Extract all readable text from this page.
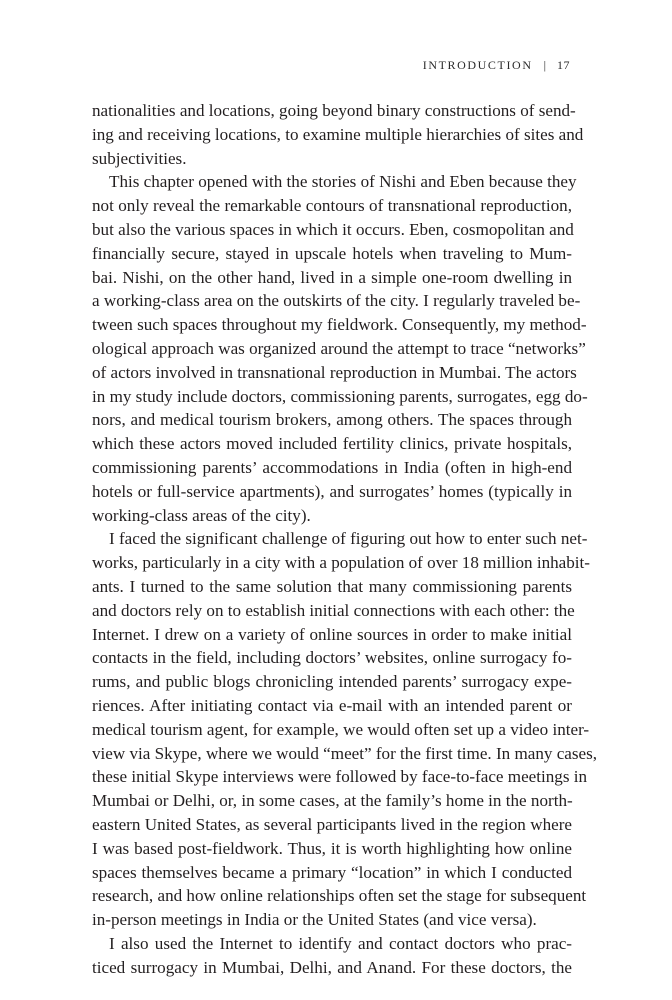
INTRODUCTION | 17
nationalities and locations, going beyond binary constructions of send-
ing and receiving locations, to examine multiple hierarchies of sites and
subjectivities.
This chapter opened with the stories of Nishi and Eben because they
not only reveal the remarkable contours of transnational reproduction,
but also the various spaces in which it occurs. Eben, cosmopolitan and
financially secure, stayed in upscale hotels when traveling to Mum-
bai. Nishi, on the other hand, lived in a simple one-room dwelling in
a working-class area on the outskirts of the city. I regularly traveled be-
tween such spaces throughout my fieldwork. Consequently, my method-
ological approach was organized around the attempt to trace “networks”
of actors involved in transnational reproduction in Mumbai. The actors
in my study include doctors, commissioning parents, surrogates, egg do-
nors, and medical tourism brokers, among others. The spaces through
which these actors moved included fertility clinics, private hospitals,
commissioning parents’ accommodations in India (often in high-end
hotels or full-service apartments), and surrogates’ homes (typically in
working-class areas of the city).
I faced the significant challenge of figuring out how to enter such net-
works, particularly in a city with a population of over 18 million inhabit-
ants. I turned to the same solution that many commissioning parents
and doctors rely on to establish initial connections with each other: the
Internet. I drew on a variety of online sources in order to make initial
contacts in the field, including doctors’ websites, online surrogacy fo-
rums, and public blogs chronicling intended parents’ surrogacy expe-
riences. After initiating contact via e-mail with an intended parent or
medical tourism agent, for example, we would often set up a video inter-
view via Skype, where we would “meet” for the first time. In many cases,
these initial Skype interviews were followed by face-to-face meetings in
Mumbai or Delhi, or, in some cases, at the family’s home in the north-
eastern United States, as several participants lived in the region where
I was based post-fieldwork. Thus, it is worth highlighting how online
spaces themselves became a primary “location” in which I conducted
research, and how online relationships often set the stage for subsequent
in-person meetings in India or the United States (and vice versa).
I also used the Internet to identify and contact doctors who prac-
ticed surrogacy in Mumbai, Delhi, and Anand. For these doctors, the
